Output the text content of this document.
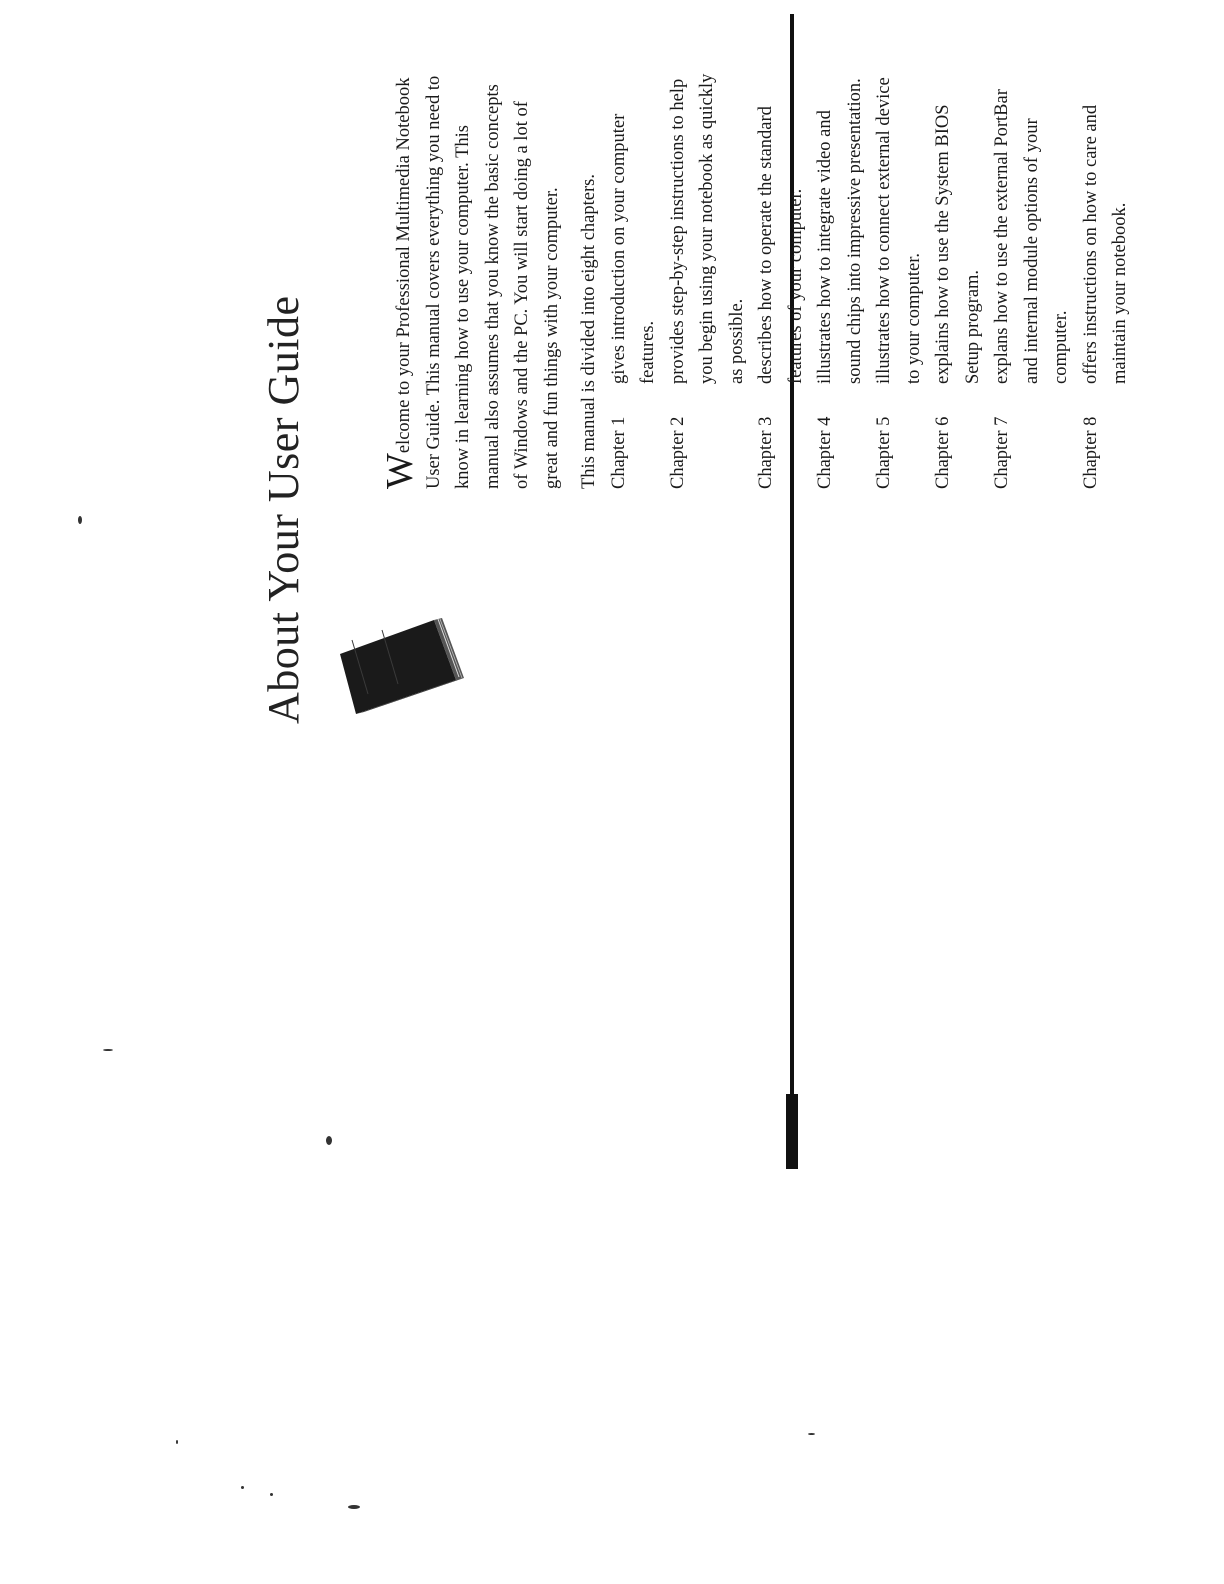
About Your User Guide Welcome to your Professional Multimedia Notebook User Guide. This manual covers everything you need to know in learning how to use your computer. This manual also assumes that you know the basic concepts of Windows and the PC. You will start doing a lot of great and fun things with your computer. This manual is divided into eight chapters. Chapter 1
gives introduction on your computer features.
Chapter 2
provides step-by-step instructions to help you begin using your notebook as quickly as possible.
Chapter 3
describes how to operate the standard features of your computer.
Chapter 4
illustrates how to integrate video and sound chips into impressive presentation.
Chapter 5
illustrates how to connect external device to your computer.
Chapter 6
explains how to use the System BIOS Setup program.
Chapter 7
explans how to use the external PortBar and internal module options of your computer.
Chapter 8
offers instructions on how to care and maintain your notebook.
